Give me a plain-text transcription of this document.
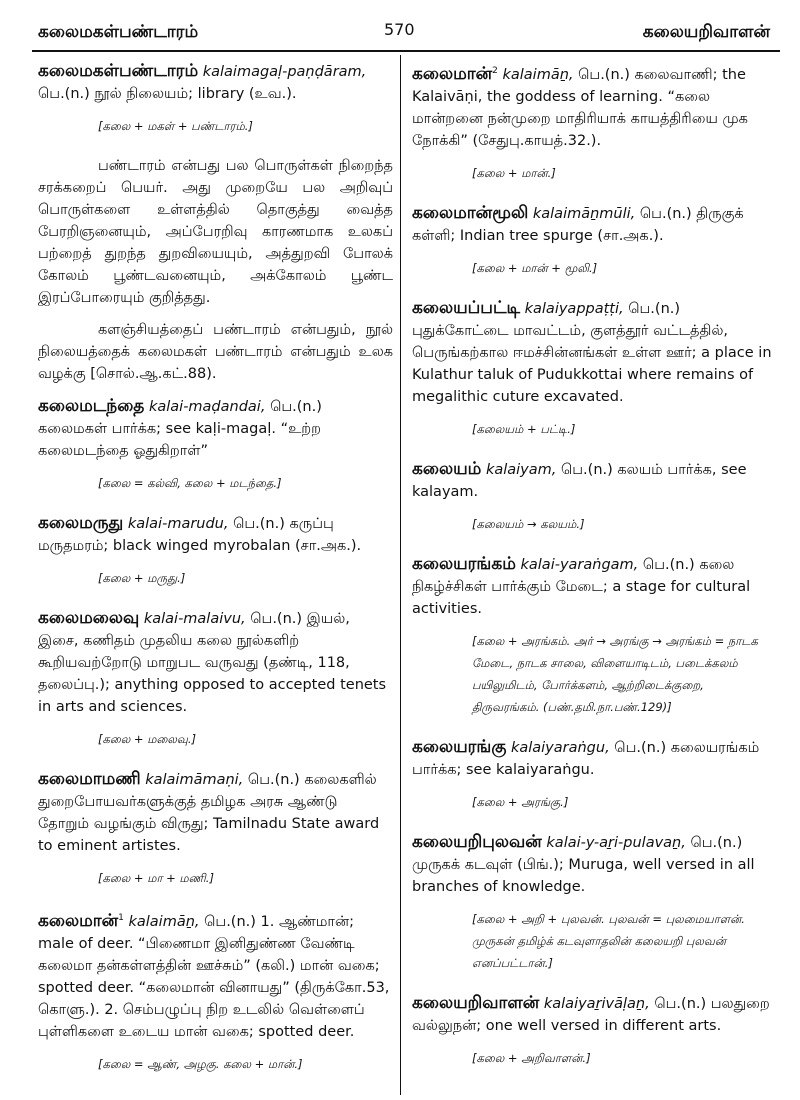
கலைமகள்பண்டாரம்	570	கலையறிவாளன்

கலைமகள்பண்டாரம் kalaimagaḷ-paṇḍāram, பெ.(n.) நூல் நிலையம்; library (உவ.).

[கலை + மகள் + பண்டாரம்.]

பண்டாரம் என்பது பல பொருள்கள் நிறைந்த சரக்கறைப் பெயர். அது முறையே பல அறிவுப் பொருள்களை உள்ளத்தில் தொகுத்து வைத்த பேரறிஞனையும், அப்பேரறிவு காரணமாக உலகப் பற்றைத் துறந்த துறவியையும், அத்துறவி போலக் கோலம் பூண்டவனையும், அக்கோலம் பூண்ட இரப்போரையும் குறித்தது.

களஞ்சியத்தைப் பண்டாரம் என்பதும், நூல் நிலையத்தைக் கலைமகள் பண்டாரம் என்பதும் உலக வழக்கு [சொல்.ஆ.கட்.88).

கலைமடந்தை kalai-maḍandai, பெ.(n.) கலைமகள் பார்க்க; see kaḷi-magaḷ. “உற்ற கலைமடந்தை ஓதுகிறாள்”

[கலை = கல்வி, கலை + மடந்தை.]

கலைமருது kalai-marudu, பெ.(n.) கருப்பு மருதமரம்; black winged myrobalan (சா.அக.).

[கலை + மருது.]

கலைமலைவு kalai-malaivu, பெ.(n.) இயல், இசை, கணிதம் முதலிய கலை நூல்களிற் கூறியவற்றோடு மாறுபட வருவது (தண்டி, 118, தலைப்பு.); anything opposed to accepted tenets in arts and sciences.

[கலை + மலைவு.]

கலைமாமணி kalaimāmaṇi, பெ.(n.) கலைகளில் துறைபோயவர்களுக்குத் தமிழக அரசு ஆண்டு தோறும் வழங்கும் விருது; Tamilnadu State award to eminent artistes.

[கலை + மா + மணி.]

கலைமான்$^1$ kalaimāṉ, பெ.(n.) 1. ஆண்மான்; male of deer. “பிணைமா இனிதுண்ண வேண்டி கலைமா தன்கள்ளத்தின் ஊச்சும்” (கலி.) மான் வகை; spotted deer. “கலைமான் வினாயது” (திருக்கோ.53, கொளு.). 2. செம்பழுப்பு நிற உடலில் வெள்ளைப் புள்ளிகளை உடைய மான் வகை; spotted deer.

[கலை = ஆண், அழகு. கலை + மான்.]

கலைமான்$^2$ kalaimāṉ, பெ.(n.) கலைவாணி; the Kalaivāṇi, the goddess of learning. “கலை மான்றனை நன்முறை மாதிரியாக் காயத்திரியை முக நோக்கி” (சேதுபு.காயத்.32.).

[கலை + மான்.]

கலைமான்மூலி kalaimāṉmūli, பெ.(n.) திருகுக் கள்ளி; Indian tree spurge (சா.அக.).

[கலை + மான் + மூலி.]

கலையப்பட்டி kalaiyappaṭṭi, பெ.(n.) புதுக்கோட்டை மாவட்டம், குளத்தூர் வட்டத்தில், பெருங்கற்கால ஈமச்சின்னங்கள் உள்ள ஊர்; a place in Kulathur taluk of Pudukkottai where remains of megalithic cuture excavated.

[கலையம் + பட்டி.]

கலையம் kalaiyam, பெ.(n.) கலயம் பார்க்க, see kalayam.

[கலையம் → கலயம்.]

கலையரங்கம் kalai-yaraṅgam, பெ.(n.) கலை நிகழ்ச்சிகள் பார்க்கும் மேடை; a stage for cultural activities.

[கலை + அரங்கம். அர் → அரங்கு → அரங்கம் = நாடக மேடை, நாடக சாலை, விளையாடிடம், படைக்கலம் பயிலுமிடம், போர்க்களம், ஆற்றிடைக்குறை, திருவரங்கம். (பண்.தமி.நா.பண்.129)]

கலையரங்கு kalaiyaraṅgu, பெ.(n.) கலையரங்கம் பார்க்க; see kalaiyaraṅgu.

[கலை + அரங்கு.]

கலையறிபுலவன் kalai-y-aṟi-pulavaṉ, பெ.(n.) முருகக் கடவுள் (பிங்.); Muruga, well versed in all branches of knowledge.

[கலை + அறி + புலவன். புலவன் = புலமையாளன். முருகன் தமிழ்க் கடவுளாதலின் கலையறி புலவன் எனப்பட்டான்.]

கலையறிவாளன் kalaiyaṟivāḷaṉ, பெ.(n.) பலதுறை வல்லுநன்; one well versed in different arts.

[கலை + அறிவாளன்.]
